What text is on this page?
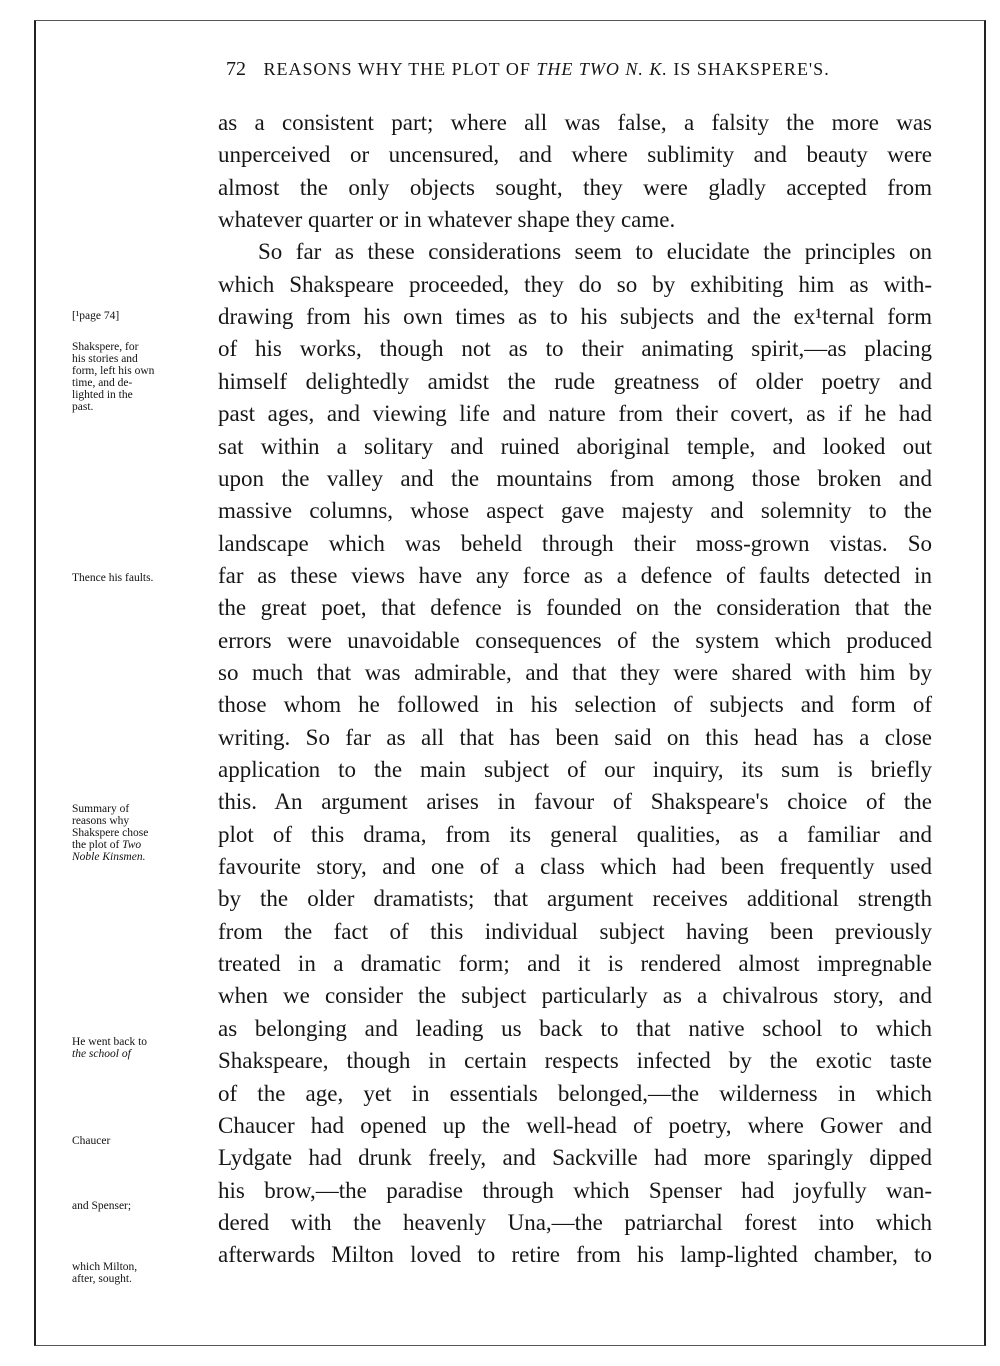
72 REASONS WHY THE PLOT OF THE TWO N. K. IS SHAKSPERE'S.
as a consistent part; where all was false, a falsity the more was
unperceived or uncensured, and where sublimity and beauty were
almost the only objects sought, they were gladly accepted from
whatever quarter or in whatever shape they came.
So far as these considerations seem to elucidate the principles on
which Shakspeare proceeded, they do so by exhibiting him as with-
drawing from his own times as to his subjects and the ex¹ternal form
of his works, though not as to their animating spirit,—as placing
himself delightedly amidst the rude greatness of older poetry and
past ages, and viewing life and nature from their covert, as if he had
sat within a solitary and ruined aboriginal temple, and looked out
upon the valley and the mountains from among those broken and
massive columns, whose aspect gave majesty and solemnity to the
landscape which was beheld through their moss-grown vistas. So
far as these views have any force as a defence of faults detected in
the great poet, that defence is founded on the consideration that the
errors were unavoidable consequences of the system which produced
so much that was admirable, and that they were shared with him by
those whom he followed in his selection of subjects and form of
writing. So far as all that has been said on this head has a close
application to the main subject of our inquiry, its sum is briefly
this. An argument arises in favour of Shakspeare's choice of the
plot of this drama, from its general qualities, as a familiar and
favourite story, and one of a class which had been frequently used
by the older dramatists; that argument receives additional strength
from the fact of this individual subject having been previously
treated in a dramatic form; and it is rendered almost impregnable
when we consider the subject particularly as a chivalrous story, and
as belonging and leading us back to that native school to which
Shakspeare, though in certain respects infected by the exotic taste
of the age, yet in essentials belonged,—the wilderness in which
Chaucer had opened up the well-head of poetry, where Gower and
Lydgate had drunk freely, and Sackville had more sparingly dipped
his brow,—the paradise through which Spenser had joyfully wan-
dered with the heavenly Una,—the patriarchal forest into which
afterwards Milton loved to retire from his lamp-lighted chamber, to
[¹page 74]
Shakspere, for
his stories and
form, left his own
time, and de-
lighted in the
past.
Thence his faults.
Summary of
reasons why
Shakspere chose
the plot of Two
Noble Kinsmen.
He went back to
the school of
Chaucer
and Spenser;
which Milton,
after, sought.
